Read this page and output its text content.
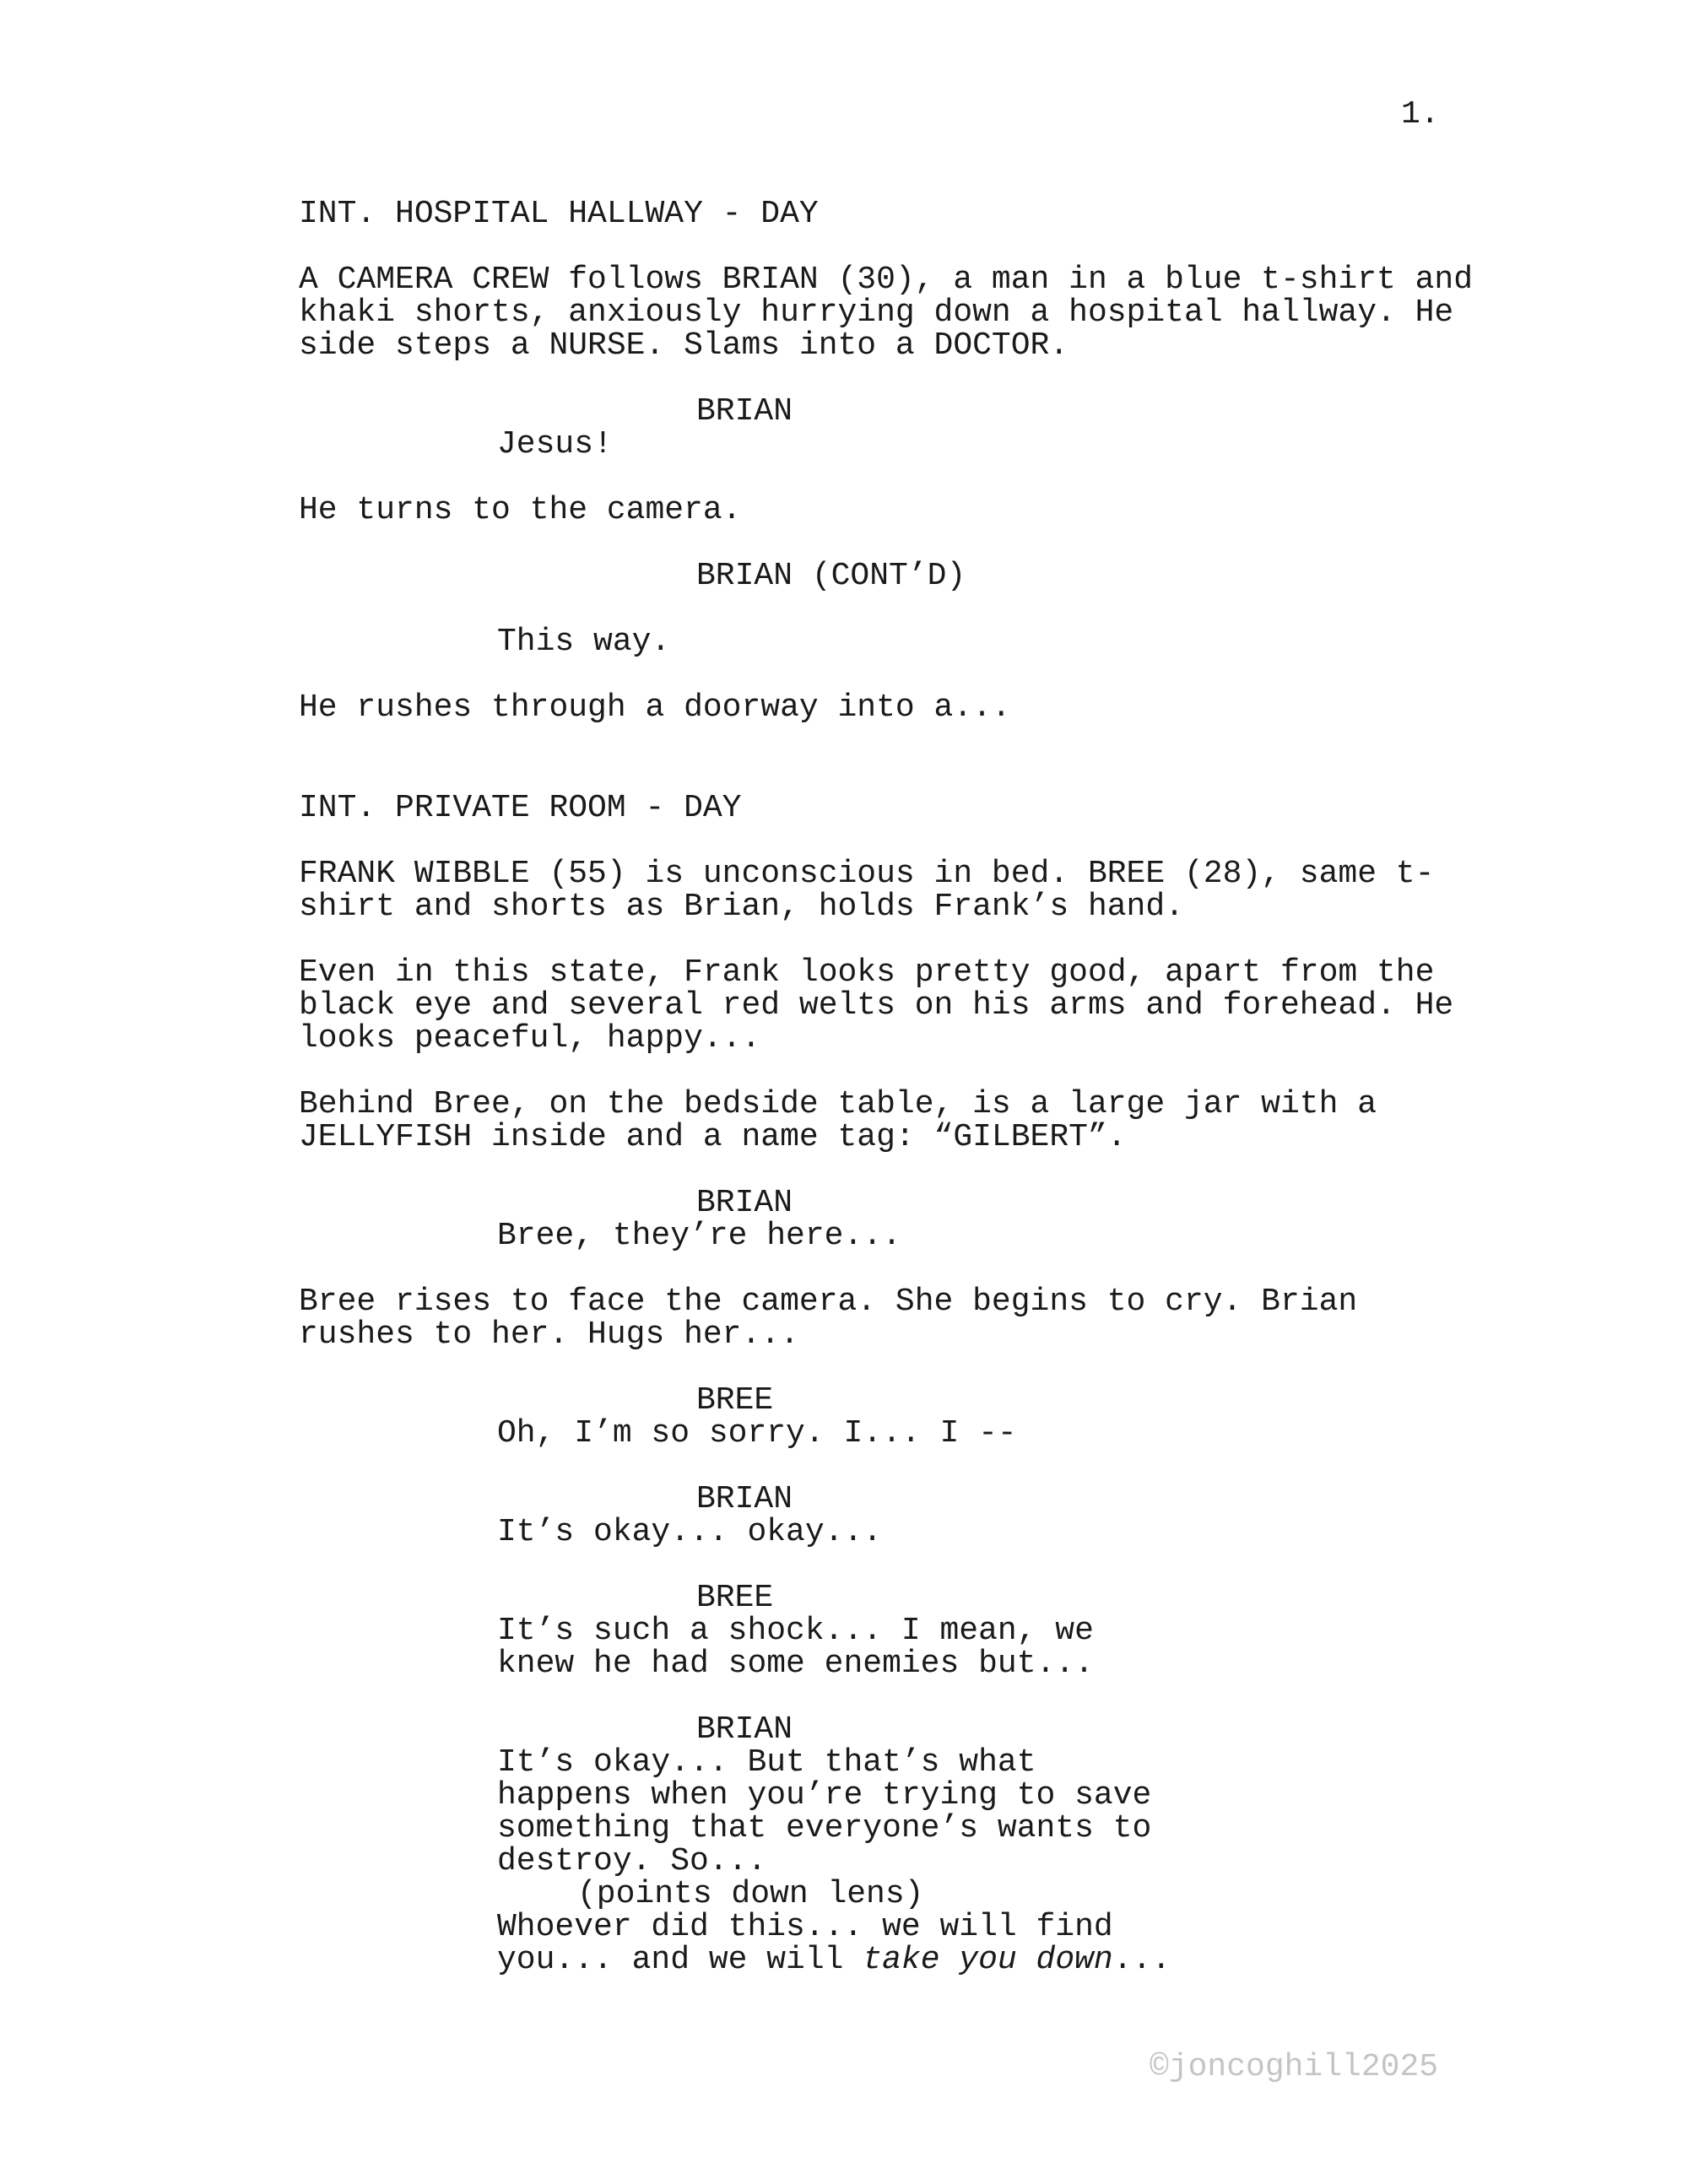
1.
INT. HOSPITAL HALLWAY - DAY
A CAMERA CREW follows BRIAN (30), a man in a blue t-shirt and
khaki shorts, anxiously hurrying down a hospital hallway. He
side steps a NURSE. Slams into a DOCTOR.
BRIAN
Jesus!
He turns to the camera.
BRIAN (CONT’D)
This way.
He rushes through a doorway into a...
INT. PRIVATE ROOM - DAY
FRANK WIBBLE (55) is unconscious in bed. BREE (28), same t-
shirt and shorts as Brian, holds Frank’s hand.
Even in this state, Frank looks pretty good, apart from the
black eye and several red welts on his arms and forehead. He
looks peaceful, happy...
Behind Bree, on the bedside table, is a large jar with a
JELLYFISH inside and a name tag: “GILBERT”.
BRIAN
Bree, they’re here...
Bree rises to face the camera. She begins to cry. Brian
rushes to her. Hugs her...
BREE
Oh, I’m so sorry. I... I --
BRIAN
It’s okay... okay...
BREE
It’s such a shock... I mean, we
knew he had some enemies but...
BRIAN
It’s okay... But that’s what
happens when you’re trying to save
something that everyone’s wants to
destroy. So...
(points down lens)
Whoever did this... we will find
you... and we will take you down...
©joncoghill2025
